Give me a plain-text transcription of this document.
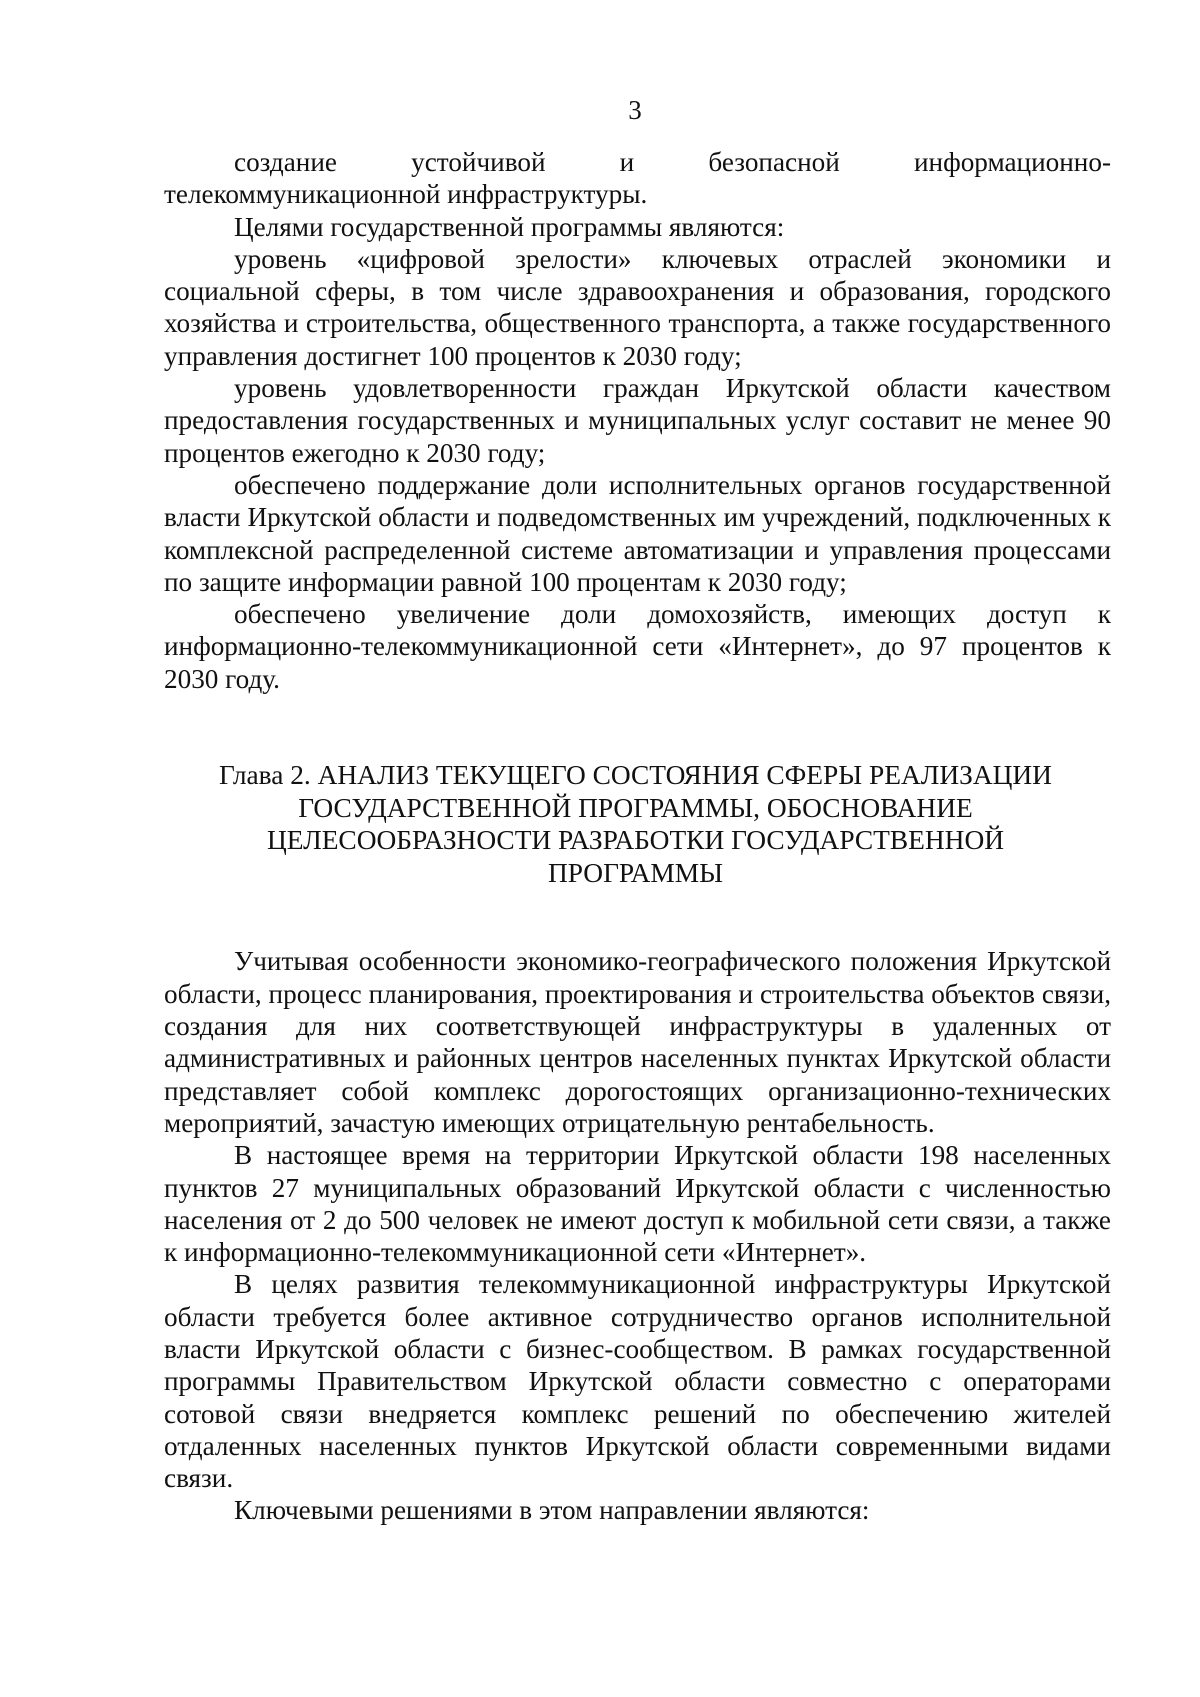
3

создание устойчивой и безопасной информационно-телекоммуникационной инфраструктуры.

Целями государственной программы являются:

уровень «цифровой зрелости» ключевых отраслей экономики и социальной сферы, в том числе здравоохранения и образования, городского хозяйства и строительства, общественного транспорта, а также государственного управления достигнет 100 процентов к 2030 году;

уровень удовлетворенности граждан Иркутской области качеством предоставления государственных и муниципальных услуг составит не менее 90 процентов ежегодно к 2030 году;

обеспечено поддержание доли исполнительных органов государственной власти Иркутской области и подведомственных им учреждений, подключенных к комплексной распределенной системе автоматизации и управления процессами по защите информации равной 100 процентам к 2030 году;

обеспечено увеличение доли домохозяйств, имеющих доступ к информационно-телекоммуникационной сети «Интернет», до 97 процентов к 2030 году.

Глава 2. АНАЛИЗ ТЕКУЩЕГО СОСТОЯНИЯ СФЕРЫ РЕАЛИЗАЦИИ
ГОСУДАРСТВЕННОЙ ПРОГРАММЫ, ОБОСНОВАНИЕ
ЦЕЛЕСООБРАЗНОСТИ РАЗРАБОТКИ ГОСУДАРСТВЕННОЙ
ПРОГРАММЫ

Учитывая особенности экономико-географического положения Иркутской области, процесс планирования, проектирования и строительства объектов связи, создания для них соответствующей инфраструктуры в удаленных от административных и районных центров населенных пунктах Иркутской области представляет собой комплекс дорогостоящих организационно-технических мероприятий, зачастую имеющих отрицательную рентабельность.

В настоящее время на территории Иркутской области 198 населенных пунктов 27 муниципальных образований Иркутской области с численностью населения от 2 до 500 человек не имеют доступ к мобильной сети связи, а также к информационно-телекоммуникационной сети «Интернет».

В целях развития телекоммуникационной инфраструктуры Иркутской области требуется более активное сотрудничество органов исполнительной власти Иркутской области с бизнес-сообществом. В рамках государственной программы Правительством Иркутской области совместно с операторами сотовой связи внедряется комплекс решений по обеспечению жителей отдаленных населенных пунктов Иркутской области современными видами связи.

Ключевыми решениями в этом направлении являются:
